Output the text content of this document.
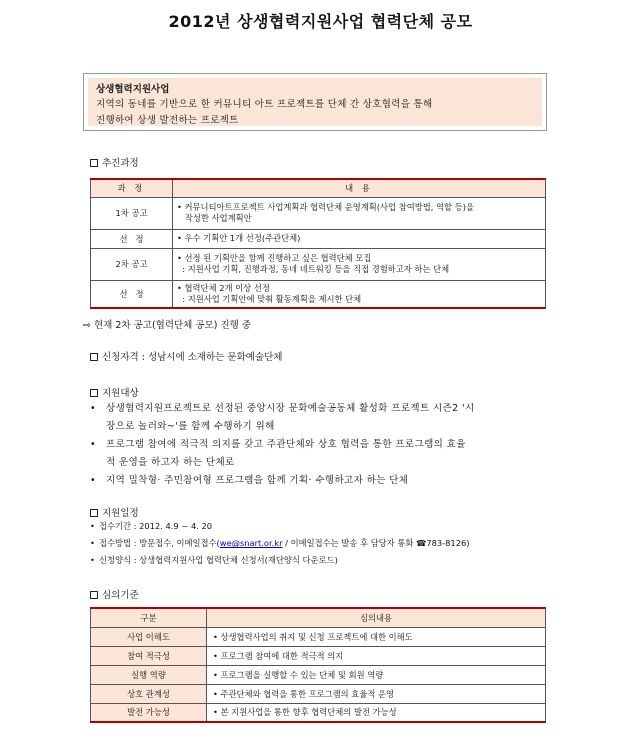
2012년 상생협력지원사업 협력단체 공모
상생협력지원사업
지역의 동네를 기반으로 한 커뮤니티 아트 프로젝트를 단체 간 상호협력을 통해
진행하여 상생 발전하는 프로젝트
추진과정
과 정	내 용
1차 공고	• 커뮤니티아트프로젝트 사업계획과 협력단체 운영계획(사업 참여방법, 역할 등)을
작성한 사업계획안

선   정	• 우수 기획안 1개 선정(주관단체)
2차 공고	• 선정 된 기획안을 함께 진행하고 싶은 협력단체 모집
: 지원사업 기획, 진행과정, 동네 네트워킹 등을 직접 경험하고자 하는 단체

선   정	• 협력단체 2개 이상 선정
: 지원사업 기획안에 맞춰 활동계획을 제시한 단체
⇨ 현재 2차 공고(협력단체 공모) 진행 중
신청자격 : 성남시에 소재하는 문화예술단체
지원대상
• 상생협력지원프로젝트로 선정된 중앙시장 문화예술공동체 활성화 프로젝트 시즌2 '시
장으로 놀러와~'를 함께 수행하기 위해
• 프로그램 참여에 적극적 의지를 갖고 주관단체와 상호 협력을 통한 프로그램의 효율
적 운영을 하고자 하는 단체로
• 지역 밀착형· 주민참여형 프로그램을 함께 기획· 수행하고자 하는 단체
지원일정
• 접수기간 : 2012. 4.9 ~ 4. 20
• 접수방법 : 방문접수, 이메일접수(we@snart.or.kr / 이메일접수는 발송 후 담당자 통화 ☎783-8126)
• 신청양식 : 상생협력지원사업 협력단체 신청서(재단양식 다운로드)
심의기준
구분	심의내용
사업 이해도	• 상생협력사업의 취지 및 신청 프로젝트에 대한 이해도
참여 적극성	• 프로그램 참여에 대한 적극적 의지
실행 역량	• 프로그램을 실행할 수 있는 단체 및 회원 역량
상호 관계성	• 주관단체와 협력을 통한 프로그램의 효율적 운영
발전 가능성	• 본 지원사업을 통한 향후 협력단체의 발전 가능성
